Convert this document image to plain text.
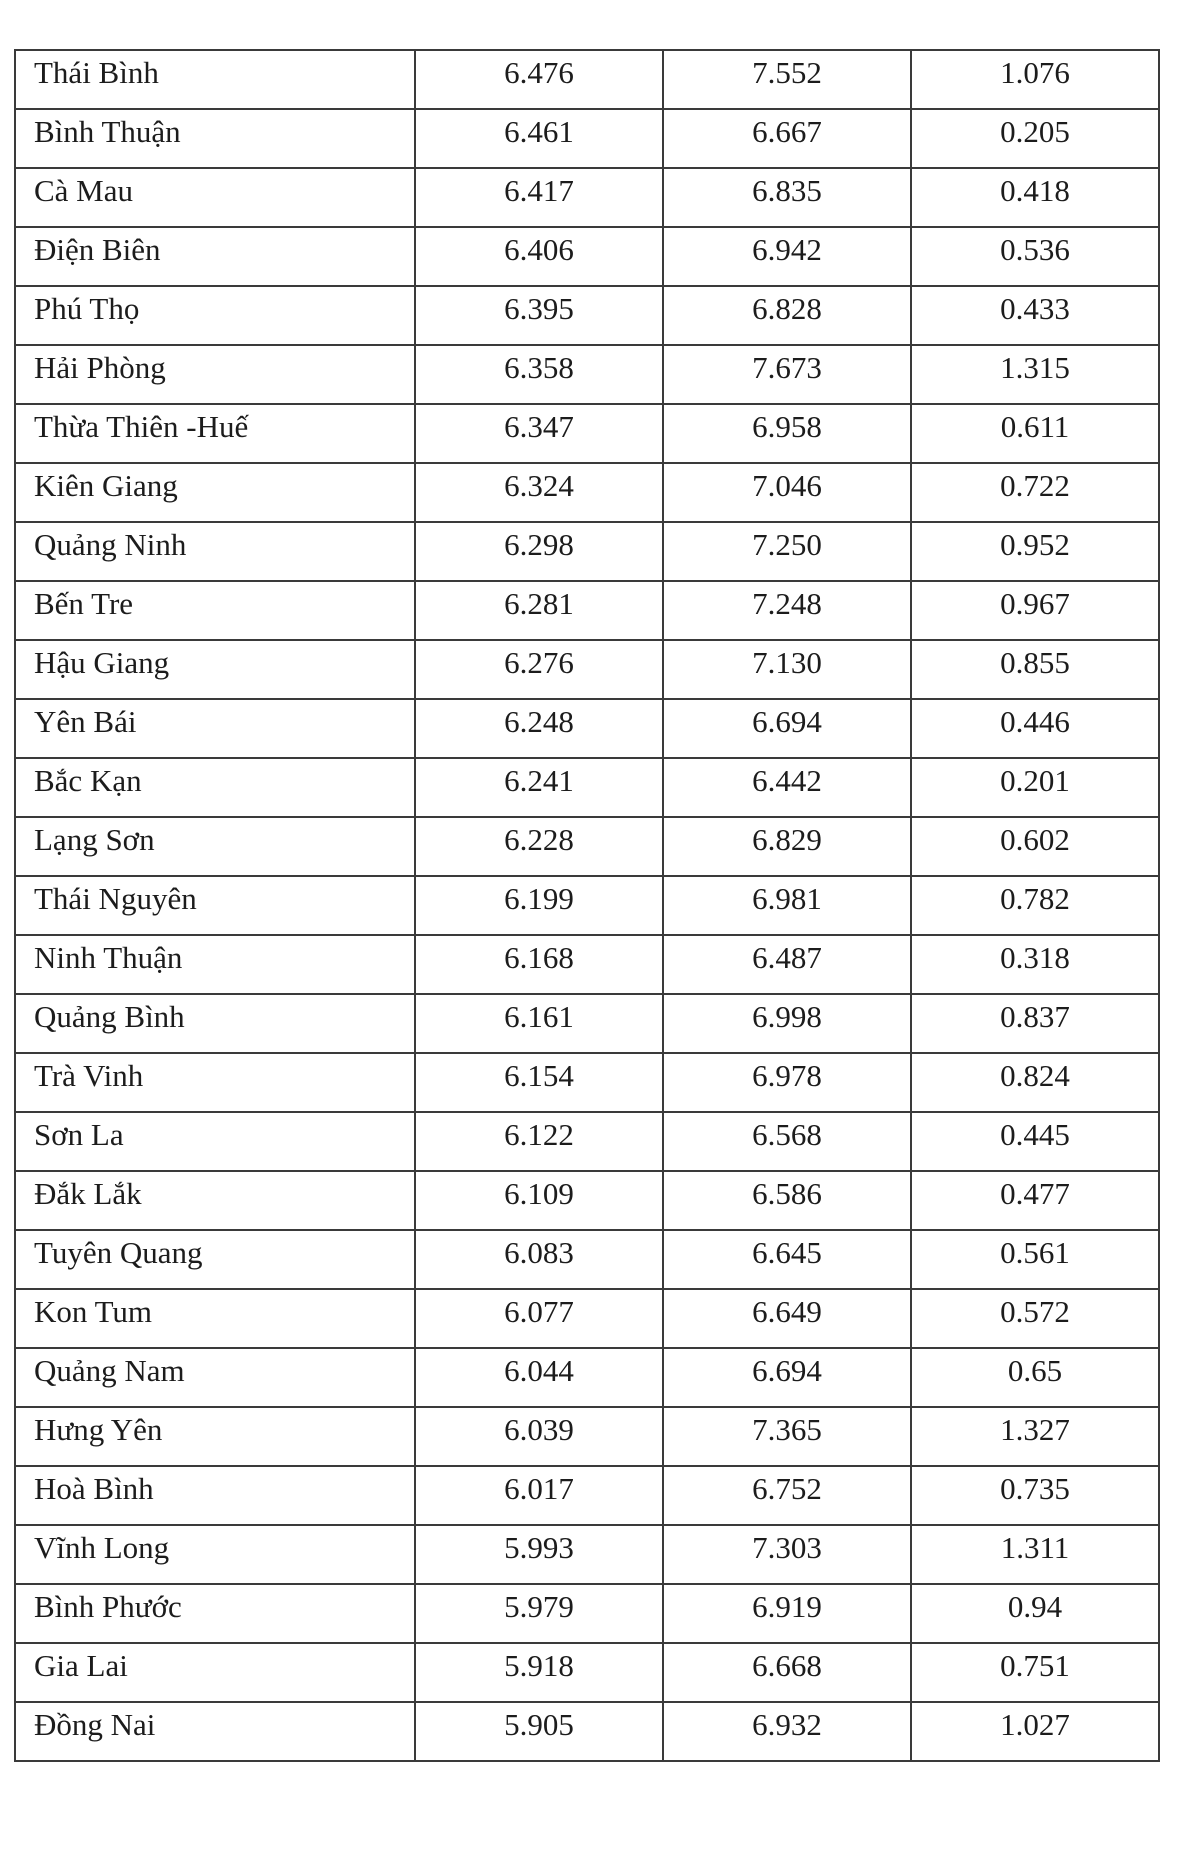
Thái Bình	6.476	7.552	1.076
Bình Thuận	6.461	6.667	0.205
Cà Mau	6.417	6.835	0.418
Điện Biên	6.406	6.942	0.536
Phú Thọ	6.395	6.828	0.433
Hải Phòng	6.358	7.673	1.315
Thừa Thiên -Huế	6.347	6.958	0.611
Kiên Giang	6.324	7.046	0.722
Quảng Ninh	6.298	7.250	0.952
Bến Tre	6.281	7.248	0.967
Hậu Giang	6.276	7.130	0.855
Yên Bái	6.248	6.694	0.446
Bắc Kạn	6.241	6.442	0.201
Lạng Sơn	6.228	6.829	0.602
Thái Nguyên	6.199	6.981	0.782
Ninh Thuận	6.168	6.487	0.318
Quảng Bình	6.161	6.998	0.837
Trà Vinh	6.154	6.978	0.824
Sơn La	6.122	6.568	0.445
Đắk Lắk	6.109	6.586	0.477
Tuyên Quang	6.083	6.645	0.561
Kon Tum	6.077	6.649	0.572
Quảng Nam	6.044	6.694	0.65
Hưng Yên	6.039	7.365	1.327
Hoà Bình	6.017	6.752	0.735
Vĩnh Long	5.993	7.303	1.311
Bình Phước	5.979	6.919	0.94
Gia Lai	5.918	6.668	0.751
Đồng Nai	5.905	6.932	1.027
